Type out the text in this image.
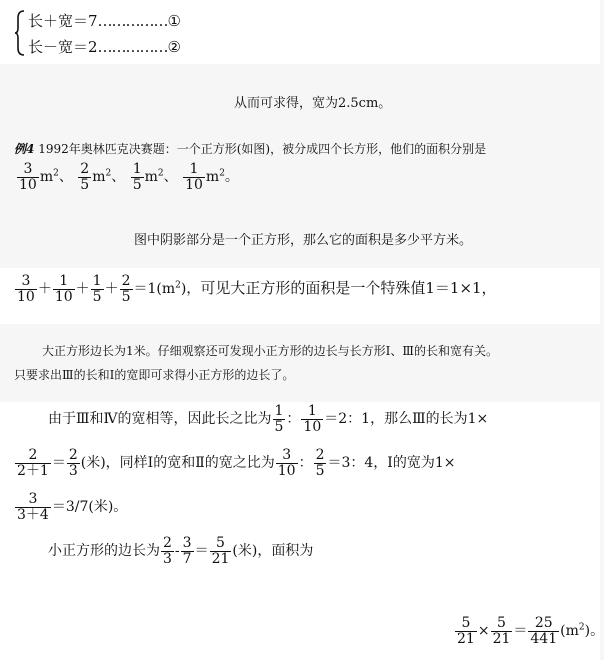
长＋宽＝7……………①
长－宽＝2……………②
从而可求得，宽为2.5cm。
例4 1992年奥林匹克决赛题：一个正方形(如图)，被分成四个长方形，他们的面积分别是
$\frac{3}{10} m^2$、 $\frac{2}{5} m^2$、 $\frac{1}{5} m^2$、 $\frac{1}{10} m^2$。
图中阴影部分是一个正方形，那么它的面积是多少平方米。
$\frac{3}{10} + \frac{1}{10} + \frac{1}{5} + \frac{2}{5} =1(m^2)$，可见大正方形的面积是一个特殊值1＝1×1，
大正方形边长为1米。仔细观察还可发现小正方形的边长与长方形Ⅰ、Ⅲ的长和宽有关。
只要求出Ⅲ的长和Ⅰ的宽即可求得小正方形的边长了。
由于Ⅲ和Ⅳ的宽相等，因此长之比为 $\frac{1}{5}$ ： $\frac{1}{10} =2$：1，那么Ⅲ的长为1×
$\frac{2}{2+1} = \frac{2}{3}$ (米)，同样Ⅰ的宽和Ⅱ的宽之比为 $\frac{3}{10}$ ： $\frac{2}{5} =3$：4，Ⅰ的宽为1×
$\frac{3}{3+4} =3/7$(米)。
小正方形的边长为 $\frac{2}{3} - \frac{3}{7} = \frac{5}{21}$ (米)，面积为
$\frac{5}{21} \times \frac{5}{21} = \frac{25}{441} (m^2)$。
